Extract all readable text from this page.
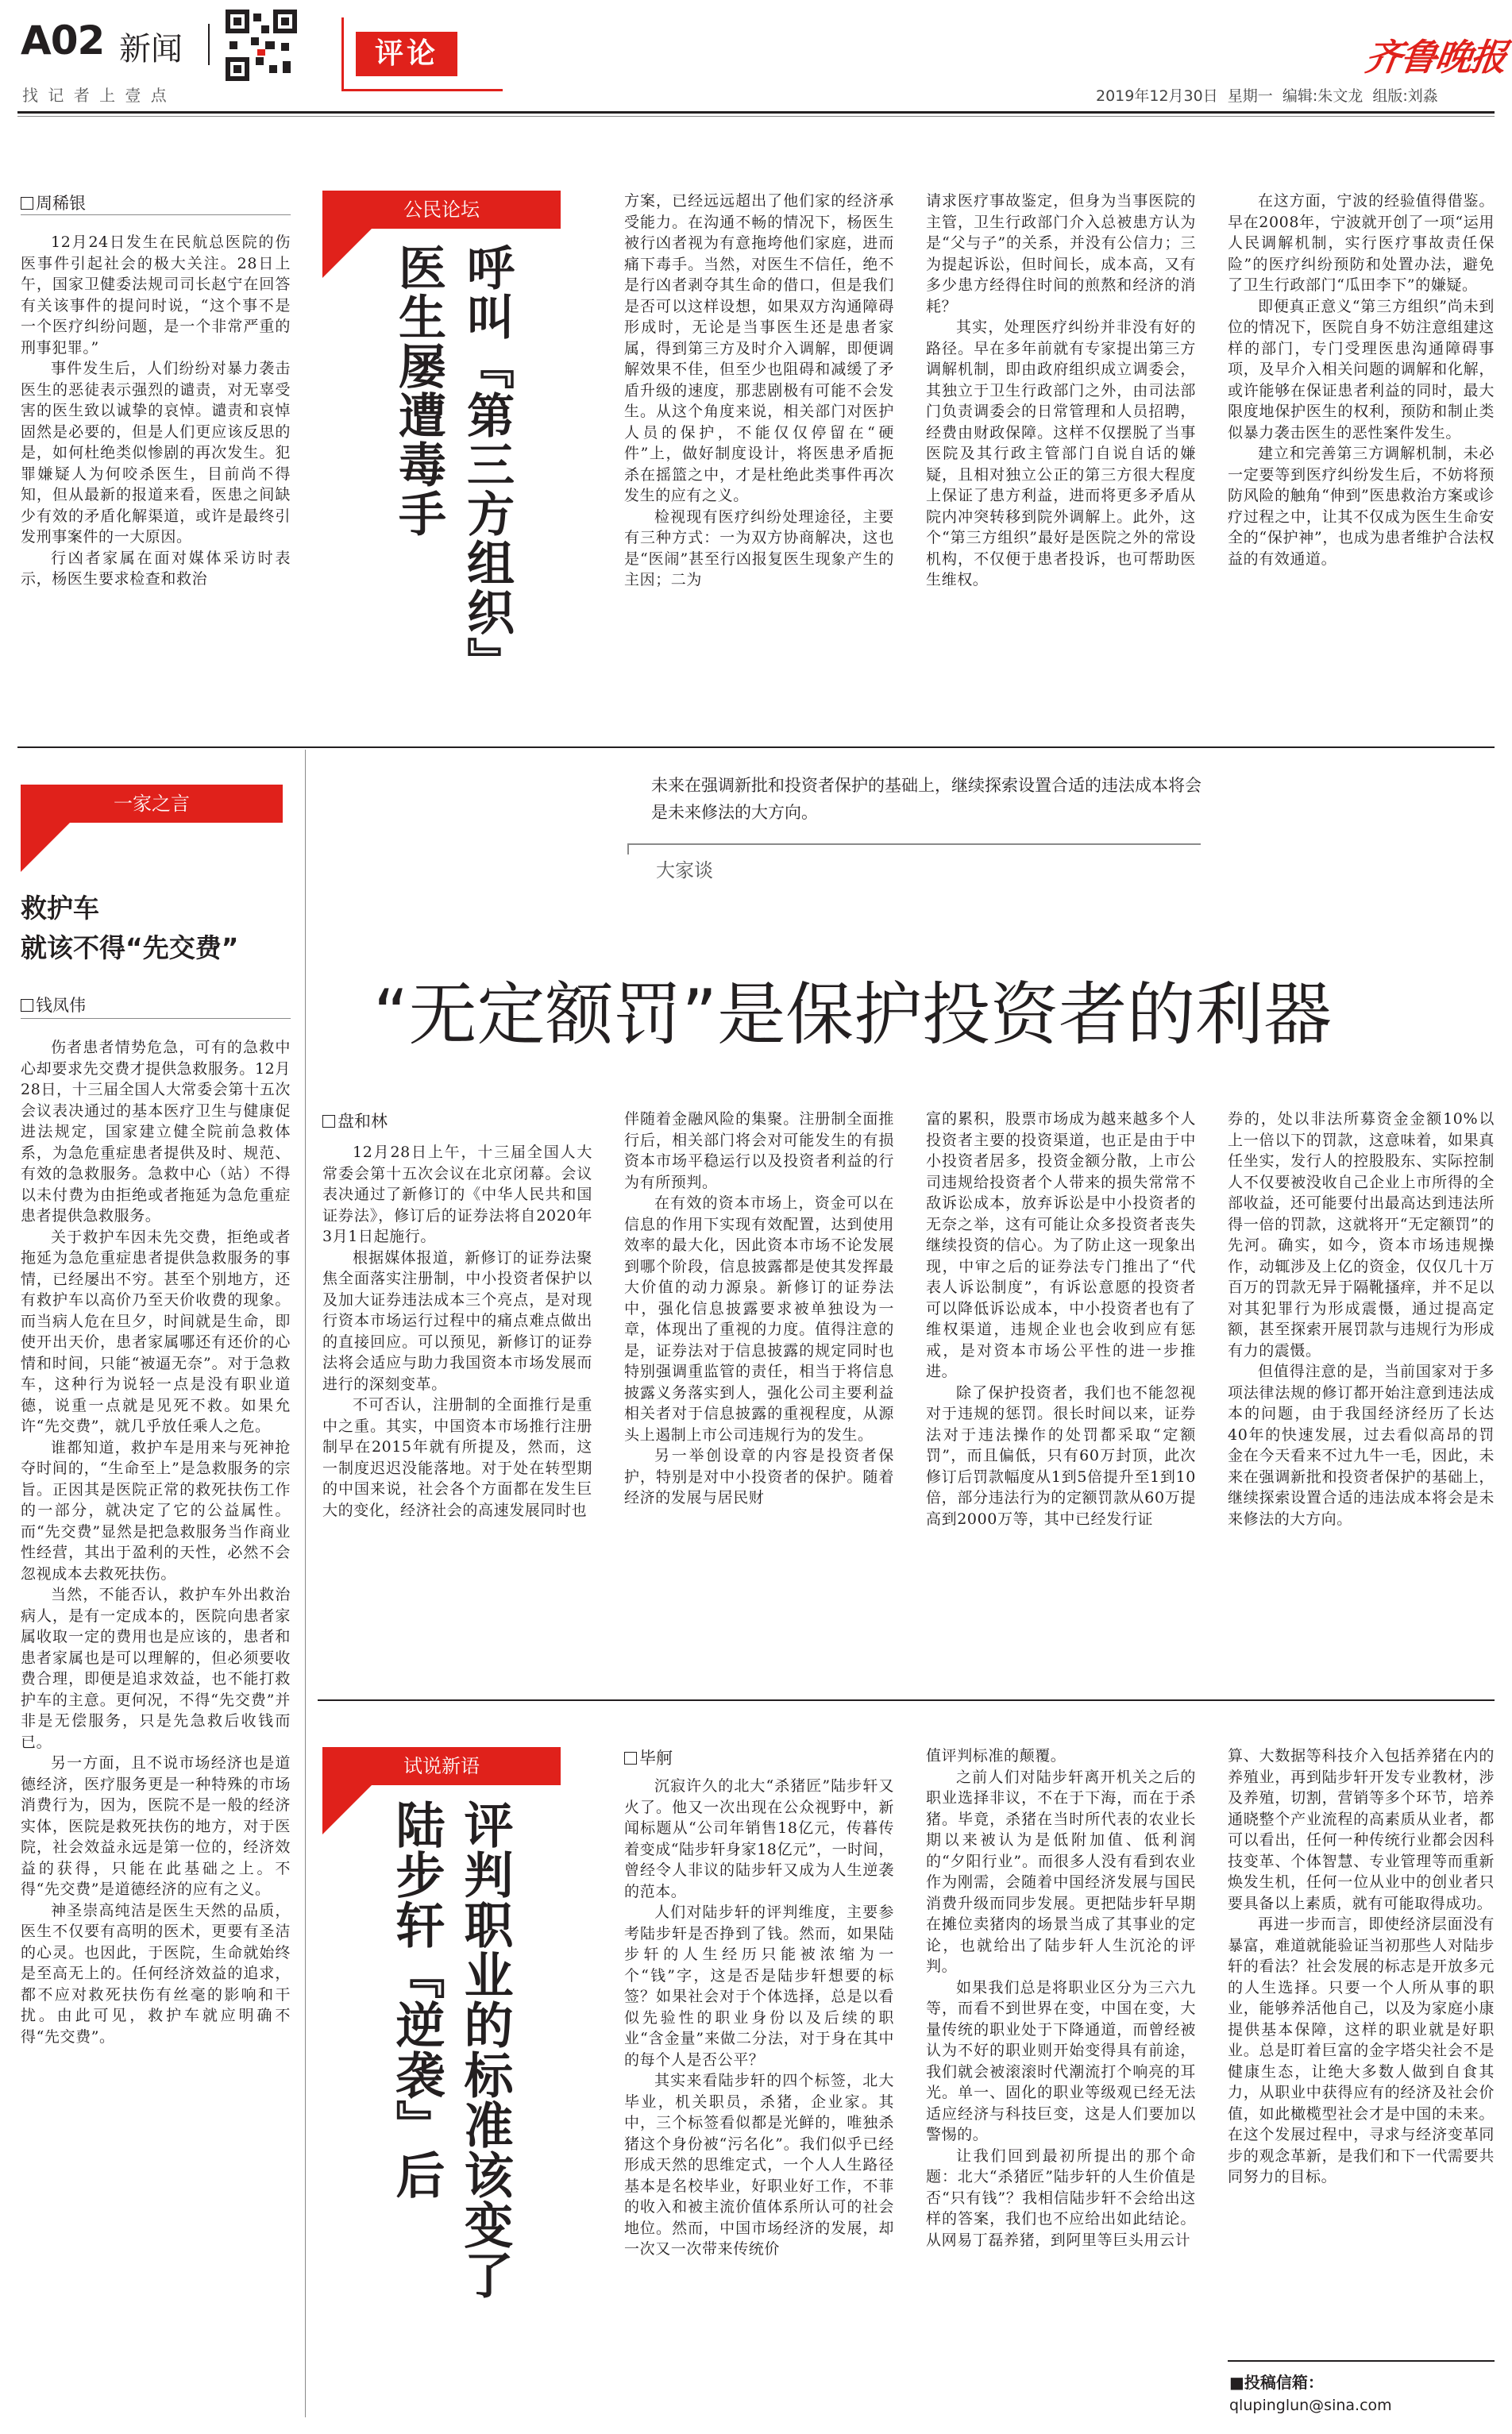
A02 新闻
找 记 者 上 壹 点
评论	齐鲁晚报
2019年12月30日  星期一  编辑:朱文龙  组版:刘淼
周稀银

12月24日发生在民航总医院的伤医事件引起社会的极大关注。28日上午，国家卫健委法规司司长赵宁在回答有关该事件的提问时说，“这个事不是一个医疗纠纷问题，是一个非常严重的刑事犯罪。”

事件发生后，人们纷纷对暴力袭击医生的恶徒表示强烈的谴责，对无辜受害的医生致以诚挚的哀悼。谴责和哀悼固然是必要的，但是人们更应该反思的是，如何杜绝类似惨剧的再次发生。犯罪嫌疑人为何咬杀医生，目前尚不得知，但从最新的报道来看，医患之间缺少有效的矛盾化解渠道，或许是最终引发刑事案件的一大原因。

行凶者家属在面对媒体采访时表示，杨医生要求检查和救治

公民论坛
呼叫『第三方组织』
医生屡遭毒手

方案，已经远远超出了他们家的经济承受能力。在沟通不畅的情况下，杨医生被行凶者视为有意拖垮他们家庭，进而痛下毒手。当然，对医生不信任，绝不是行凶者剥夺其生命的借口，但是我们是否可以这样设想，如果双方沟通障碍形成时，无论是当事医生还是患者家属，得到第三方及时介入调解，即便调解效果不佳，但至少也阻碍和减缓了矛盾升级的速度，那悲剧极有可能不会发生。从这个角度来说，相关部门对医护人员的保护，不能仅仅停留在“硬件”上，做好制度设计，将医患矛盾扼杀在摇篮之中，才是杜绝此类事件再次发生的应有之义。

检视现有医疗纠纷处理途径，主要有三种方式：一为双方协商解决，这也是“医闹”甚至行凶报复医生现象产生的主因；二为

请求医疗事故鉴定，但身为当事医院的主管，卫生行政部门介入总被患方认为是“父与子”的关系，并没有公信力；三为提起诉讼，但时间长，成本高，又有多少患方经得住时间的煎熬和经济的消耗？

其实，处理医疗纠纷并非没有好的路径。早在多年前就有专家提出第三方调解机制，即由政府组织成立调委会，其独立于卫生行政部门之外，由司法部门负责调委会的日常管理和人员招聘，经费由财政保障。这样不仅摆脱了当事医院及其行政主管部门自说自话的嫌疑，且相对独立公正的第三方很大程度上保证了患方利益，进而将更多矛盾从院内冲突转移到院外调解上。此外，这个“第三方组织”最好是医院之外的常设机构，不仅便于患者投诉，也可帮助医生维权。

在这方面，宁波的经验值得借鉴。早在2008年，宁波就开创了一项“运用人民调解机制，实行医疗事故责任保险”的医疗纠纷预防和处置办法，避免了卫生行政部门“瓜田李下”的嫌疑。

即便真正意义“第三方组织”尚未到位的情况下，医院自身不妨注意组建这样的部门，专门受理医患沟通障碍事项，及早介入相关问题的调解和化解，或许能够在保证患者利益的同时，最大限度地保护医生的权利，预防和制止类似暴力袭击医生的恶性案件发生。

建立和完善第三方调解机制，未必一定要等到医疗纠纷发生后，不妨将预防风险的触角“伸到”医患救治方案或诊疗过程之中，让其不仅成为医生生命安全的“保护神”，也成为患者维护合法权益的有效通道。

一家之言
救护车
就该不得“先交费”
钱凤伟

伤者患者情势危急，可有的急救中心却要求先交费才提供急救服务。12月28日，十三届全国人大常委会第十五次会议表决通过的基本医疗卫生与健康促进法规定，国家建立健全院前急救体系，为急危重症患者提供及时、规范、有效的急救服务。急救中心（站）不得以未付费为由拒绝或者拖延为急危重症患者提供急救服务。

关于救护车因未先交费，拒绝或者拖延为急危重症患者提供急救服务的事情，已经屡出不穷。甚至个别地方，还有救护车以高价乃至天价收费的现象。而当病人危在旦夕，时间就是生命，即使开出天价，患者家属哪还有还价的心情和时间，只能“被逼无奈”。对于急救车，这种行为说轻一点是没有职业道德，说重一点就是见死不救。如果允许“先交费”，就几乎放任乘人之危。

谁都知道，救护车是用来与死神抢夺时间的，“生命至上”是急救服务的宗旨。正因其是医院正常的救死扶伤工作的一部分，就决定了它的公益属性。而“先交费”显然是把急救服务当作商业性经营，其出于盈利的天性，必然不会忽视成本去救死扶伤。

当然，不能否认，救护车外出救治病人，是有一定成本的，医院向患者家属收取一定的费用也是应该的，患者和患者家属也是可以理解的，但必须要收费合理，即便是追求效益，也不能打救护车的主意。更何况，不得“先交费”并非是无偿服务，只是先急救后收钱而已。

另一方面，且不说市场经济也是道德经济，医疗服务更是一种特殊的市场消费行为，因为，医院不是一般的经济实体，医院是救死扶伤的地方，对于医院，社会效益永远是第一位的，经济效益的获得，只能在此基础之上。不得“先交费”是道德经济的应有之义。

神圣崇高纯洁是医生天然的品质，医生不仅要有高明的医术，更要有圣洁的心灵。也因此，于医院，生命就始终是至高无上的。任何经济效益的追求，都不应对救死扶伤有丝毫的影响和干扰。由此可见，救护车就应明确不得“先交费”。

未来在强调新批和投资者保护的基础上，继续探索设置合适的违法成本将会是未来修法的大方向。
大家谈
“无定额罚”是保护投资者的利器
盘和林

12月28日上午，十三届全国人大常委会第十五次会议在北京闭幕。会议表决通过了新修订的《中华人民共和国证券法》，修订后的证券法将自2020年3月1日起施行。

根据媒体报道，新修订的证券法聚焦全面落实注册制，中小投资者保护以及加大证券违法成本三个亮点，是对现行资本市场运行过程中的痛点难点做出的直接回应。可以预见，新修订的证券法将会适应与助力我国资本市场发展而进行的深刻变革。

不可否认，注册制的全面推行是重中之重。其实，中国资本市场推行注册制早在2015年就有所提及，然而，这一制度迟迟没能落地。对于处在转型期的中国来说，社会各个方面都在发生巨大的变化，经济社会的高速发展同时也

伴随着金融风险的集聚。注册制全面推行后，相关部门将会对可能发生的有损资本市场平稳运行以及投资者利益的行为有所预判。

在有效的资本市场上，资金可以在信息的作用下实现有效配置，达到使用效率的最大化，因此资本市场不论发展到哪个阶段，信息披露都是使其发挥最大价值的动力源泉。新修订的证券法中，强化信息披露要求被单独设为一章，体现出了重视的力度。值得注意的是，证券法对于信息披露的规定同时也特别强调重监管的责任，相当于将信息披露义务落实到人，强化公司主要利益相关者对于信息披露的重视程度，从源头上遏制上市公司违规行为的发生。

另一举创设章的内容是投资者保护，特别是对中小投资者的保护。随着经济的发展与居民财

富的累积，股票市场成为越来越多个人投资者主要的投资渠道，也正是由于中小投资者居多，投资金额分散，上市公司违规给投资者个人带来的损失常常不敌诉讼成本，放弃诉讼是中小投资者的无奈之举，这有可能让众多投资者丧失继续投资的信心。为了防止这一现象出现，中审之后的证券法专门推出了“代表人诉讼制度”，有诉讼意愿的投资者可以降低诉讼成本，中小投资者也有了维权渠道，违规企业也会收到应有惩戒，是对资本市场公平性的进一步推进。

除了保护投资者，我们也不能忽视对于违规的惩罚。很长时间以来，证券法对于违法操作的处罚都采取“定额罚”，而且偏低，只有60万封顶，此次修订后罚款幅度从1到5倍提升至1到10倍，部分违法行为的定额罚款从60万提高到2000万等，其中已经发行证

券的，处以非法所募资金金额10%以上一倍以下的罚款，这意味着，如果真任坐实，发行人的控股股东、实际控制人不仅要被没收自己企业上市所得的全部收益，还可能要付出最高达到违法所得一倍的罚款，这就将开“无定额罚”的先河。确实，如今，资本市场违规操作，动辄涉及上亿的资金，仅仅几十万百万的罚款无异于隔靴搔痒，并不足以对其犯罪行为形成震慑，通过提高定额，甚至探索开展罚款与违规行为形成有力的震慑。

但值得注意的是，当前国家对于多项法律法规的修订都开始注意到违法成本的问题，由于我国经济经历了长达40年的快速发展，过去看似高昂的罚金在今天看来不过九牛一毛，因此，未来在强调新批和投资者保护的基础上，继续探索设置合适的违法成本将会是未来修法的大方向。

试说新语
评判职业的标准该变了
陆步轩『逆袭』后
毕舸

沉寂许久的北大“杀猪匠”陆步轩又火了。他又一次出现在公众视野中，新闻标题从“公司年销售18亿元，传暮传着变成“陆步轩身家18亿元”，一时间，曾经令人非议的陆步轩又成为人生逆袭的范本。

人们对陆步轩的评判维度，主要参考陆步轩是否挣到了钱。然而，如果陆步轩的人生经历只能被浓缩为一个“钱”字，这是否是陆步轩想要的标签？如果社会对于个体选择，总是以看似先验性的职业身份以及后续的职业“含金量”来做二分法，对于身在其中的每个人是否公平？

其实来看陆步轩的四个标签，北大毕业，机关职员，杀猪，企业家。其中，三个标签看似都是光鲜的，唯独杀猪这个身份被“污名化”。我们似乎已经形成天然的思维定式，一个人人生路径基本是名校毕业，好职业好工作，不菲的收入和被主流价值体系所认可的社会地位。然而，中国市场经济的发展，却一次又一次带来传统价

值评判标准的颠覆。

之前人们对陆步轩离开机关之后的职业选择非议，不在于下海，而在于杀猪。毕竟，杀猪在当时所代表的农业长期以来被认为是低附加值、低利润的“夕阳行业”。而很多人没有看到农业作为刚需，会随着中国经济发展与国民消费升级而同步发展。更把陆步轩早期在摊位卖猪肉的场景当成了其事业的定论，也就给出了陆步轩人生沉沦的评判。

如果我们总是将职业区分为三六九等，而看不到世界在变，中国在变，大量传统的职业处于下降通道，而曾经被认为不好的职业则开始变得具有前途，我们就会被滚滚时代潮流打个响亮的耳光。单一、固化的职业等级观已经无法适应经济与科技巨变，这是人们要加以警惕的。

让我们回到最初所提出的那个命题：北大“杀猪匠”陆步轩的人生价值是否“只有钱”？我相信陆步轩不会给出这样的答案，我们也不应给出如此结论。从网易丁磊养猪，到阿里等巨头用云计

算、大数据等科技介入包括养猪在内的养殖业，再到陆步轩开发专业教材，涉及养殖，切割，营销等多个环节，培养通晓整个产业流程的高素质从业者，都可以看出，任何一种传统行业都会因科技变革、个体智慧、专业管理等而重新焕发生机，任何一位从业中的创业者只要具备以上素质，就有可能取得成功。

再进一步而言，即使经济层面没有暴富，难道就能验证当初那些人对陆步轩的看法？社会发展的标志是开放多元的人生选择。只要一个人所从事的职业，能够养活他自己，以及为家庭小康提供基本保障，这样的职业就是好职业。总是盯着巨富的金字塔尖社会不是健康生态，让绝大多数人做到自食其力，从职业中获得应有的经济及社会价值，如此橄榄型社会才是中国的未来。在这个发展过程中，寻求与经济变革同步的观念革新，是我们和下一代需要共同努力的目标。

■投稿信箱：
qlupinglun@sina.com
